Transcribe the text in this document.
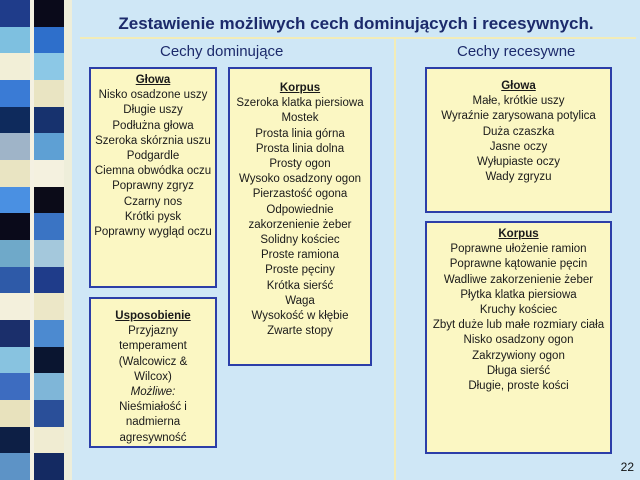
Zestawienie możliwych cech dominujących i recesywnych.
Cechy dominujące	Cechy recesywne
Głowa
Nisko osadzone uszy
Długie uszy
Podłużna głowa
Szeroka skórznia uszu
Podgardle
Ciemna obwódka oczu
Poprawny zgryz
Czarny nos
Krótki pysk
Poprawny wygląd oczu
Usposobienie
Przyjazny
temperament
(Walcowicz &
Wilcox)
Możliwe:
Nieśmiałość i
nadmierna
agresywność
Korpus
Szeroka klatka piersiowa
Mostek
Prosta linia górna
Prosta linia dolna
Prosty ogon
Wysoko osadzony ogon
Pierzastość ogona
Odpowiednie zakorzenienie żeber
Solidny kościec
Proste ramiona
Proste pęciny
Krótka sierść
Waga
Wysokość w kłębie
Zwarte stopy
Głowa
Małe, krótkie uszy
Wyraźnie zarysowana potylica
Duża czaszka
Jasne oczy
Wyłupiaste oczy
Wady zgryzu
Korpus
Poprawne ułożenie ramion
Poprawne kątowanie pęcin
Wadliwe zakorzenienie żeber
Płytka klatka piersiowa
Kruchy kościec
Zbyt duże lub małe rozmiary ciała
Nisko osadzony ogon
Zakrzywiony ogon
Długa sierść
Długie, proste kości
22
